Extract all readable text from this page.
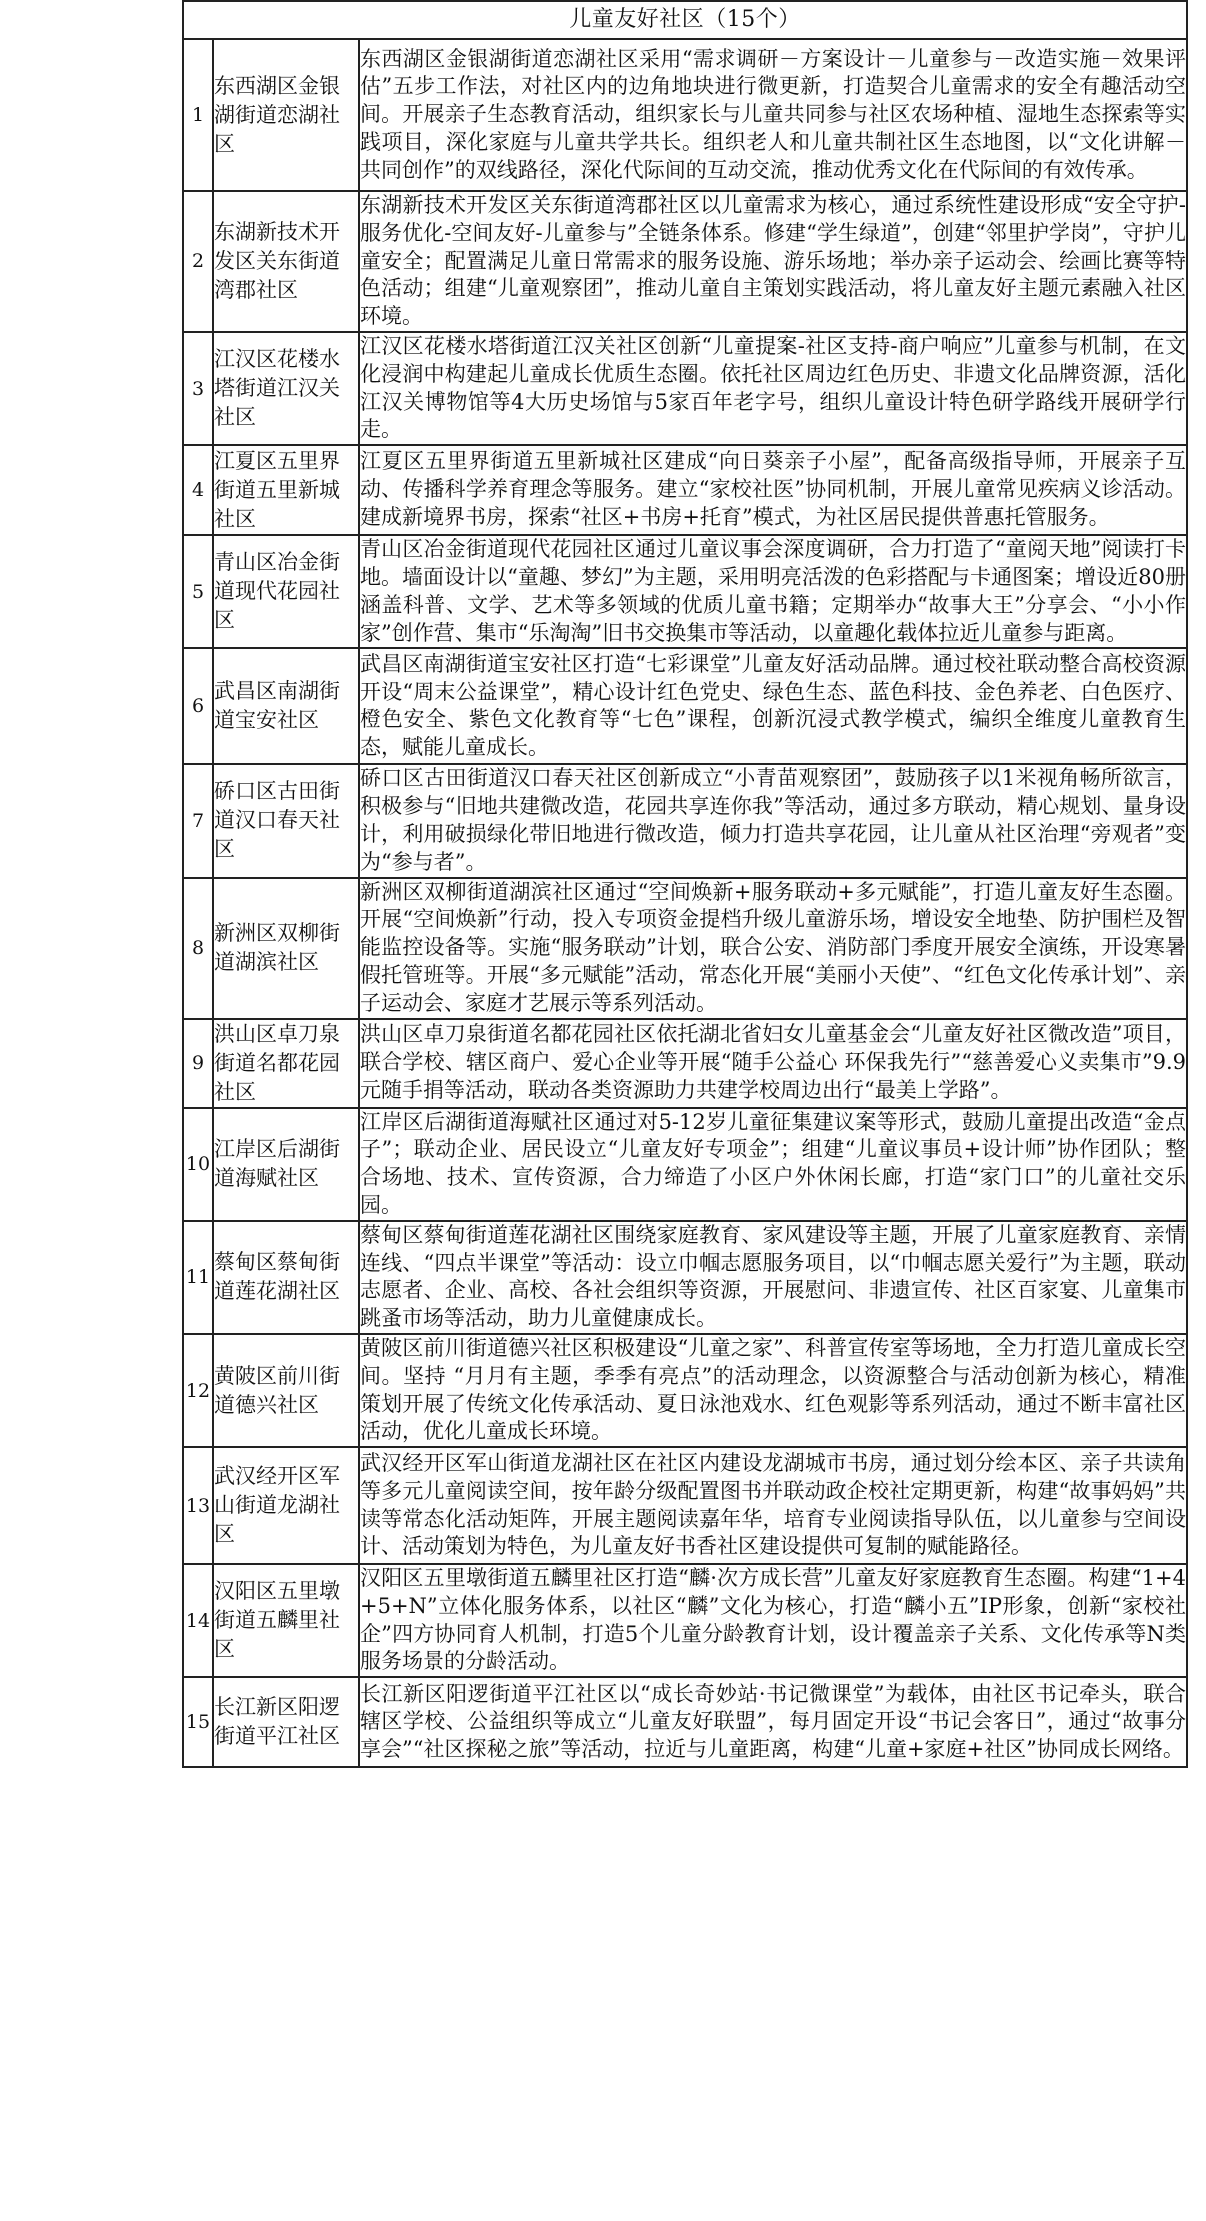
儿童友好社区（15个）		
1	东西湖区金银湖街道恋湖社区	东西湖区金银湖街道恋湖社区采用“需求调研－方案设计－儿童参与－改造实施－效果评估”五步工作法，对社区内的边角地块进行微更新，打造契合儿童需求的安全有趣活动空间。开展亲子生态教育活动，组织家长与儿童共同参与社区农场种植、湿地生态探索等实践项目，深化家庭与儿童共学共长。组织老人和儿童共制社区生态地图，以“文化讲解－共同创作”的双线路径，深化代际间的互动交流，推动优秀文化在代际间的有效传承。
2	东湖新技术开发区关东街道湾郡社区	东湖新技术开发区关东街道湾郡社区以儿童需求为核心，通过系统性建设形成“安全守护-服务优化-空间友好-儿童参与”全链条体系。修建“学生绿道”，创建“邻里护学岗”，守护儿童安全；配置满足儿童日常需求的服务设施、游乐场地；举办亲子运动会、绘画比赛等特色活动；组建“儿童观察团”，推动儿童自主策划实践活动，将儿童友好主题元素融入社区环境。
3	江汉区花楼水塔街道江汉关社区	江汉区花楼水塔街道江汉关社区创新“儿童提案-社区支持-商户响应”儿童参与机制，在文化浸润中构建起儿童成长优质生态圈。依托社区周边红色历史、非遗文化品牌资源，活化江汉关博物馆等4大历史场馆与5家百年老字号，组织儿童设计特色研学路线开展研学行走。
4	江夏区五里界街道五里新城社区	江夏区五里界街道五里新城社区建成“向日葵亲子小屋”，配备高级指导师，开展亲子互动、传播科学养育理念等服务。建立“家校社医”协同机制，开展儿童常见疾病义诊活动。建成新境界书房，探索“社区+书房+托育”模式，为社区居民提供普惠托管服务。
5	青山区冶金街道现代花园社区	青山区冶金街道现代花园社区通过儿童议事会深度调研，合力打造了“童阅天地”阅读打卡地。墙面设计以“童趣、梦幻”为主题，采用明亮活泼的色彩搭配与卡通图案；增设近80册涵盖科普、文学、艺术等多领域的优质儿童书籍；定期举办“故事大王”分享会、“小小作家”创作营、集市“乐淘淘”旧书交换集市等活动，以童趣化载体拉近儿童参与距离。
6	武昌区南湖街道宝安社区	武昌区南湖街道宝安社区打造“七彩课堂”儿童友好活动品牌。通过校社联动整合高校资源开设“周末公益课堂”，精心设计红色党史、绿色生态、蓝色科技、金色养老、白色医疗、橙色安全、紫色文化教育等“七色”课程，创新沉浸式教学模式，编织全维度儿童教育生态，赋能儿童成长。
7	硚口区古田街道汉口春天社区	硚口区古田街道汉口春天社区创新成立“小青苗观察团”，鼓励孩子以1米视角畅所欲言，积极参与“旧地共建微改造，花园共享连你我”等活动，通过多方联动，精心规划、量身设计，利用破损绿化带旧地进行微改造，倾力打造共享花园，让儿童从社区治理“旁观者”变为“参与者”。
8	新洲区双柳街道湖滨社区	新洲区双柳街道湖滨社区通过“空间焕新+服务联动+多元赋能”，打造儿童友好生态圈。开展“空间焕新”行动，投入专项资金提档升级儿童游乐场，增设安全地垫、防护围栏及智能监控设备等。实施“服务联动”计划，联合公安、消防部门季度开展安全演练，开设寒暑假托管班等。开展“多元赋能”活动，常态化开展“美丽小天使”、“红色文化传承计划”、亲子运动会、家庭才艺展示等系列活动。
9	洪山区卓刀泉街道名都花园社区	洪山区卓刀泉街道名都花园社区依托湖北省妇女儿童基金会“儿童友好社区微改造”项目，联合学校、辖区商户、爱心企业等开展“随手公益心 环保我先行”“慈善爱心义卖集市”9.9元随手捐等活动，联动各类资源助力共建学校周边出行“最美上学路”。
10	江岸区后湖街道海赋社区	江岸区后湖街道海赋社区通过对5-12岁儿童征集建议案等形式，鼓励儿童提出改造“金点子”；联动企业、居民设立“儿童友好专项金”；组建“儿童议事员+设计师”协作团队；整合场地、技术、宣传资源，合力缔造了小区户外休闲长廊，打造“家门口”的儿童社交乐园。
11	蔡甸区蔡甸街道莲花湖社区	蔡甸区蔡甸街道莲花湖社区围绕家庭教育、家风建设等主题，开展了儿童家庭教育、亲情连线、“四点半课堂”等活动：设立巾帼志愿服务项目，以“巾帼志愿关爱行”为主题，联动志愿者、企业、高校、各社会组织等资源，开展慰问、非遗宣传、社区百家宴、儿童集市跳蚤市场等活动，助力儿童健康成长。
12	黄陂区前川街道德兴社区	黄陂区前川街道德兴社区积极建设“儿童之家”、科普宣传室等场地，全力打造儿童成长空间。坚持 “月月有主题，季季有亮点”的活动理念，以资源整合与活动创新为核心，精准策划开展了传统文化传承活动、夏日泳池戏水、红色观影等系列活动，通过不断丰富社区活动，优化儿童成长环境。
13	武汉经开区军山街道龙湖社区	武汉经开区军山街道龙湖社区在社区内建设龙湖城市书房，通过划分绘本区、亲子共读角等多元儿童阅读空间，按年龄分级配置图书并联动政企校社定期更新，构建“故事妈妈”共读等常态化活动矩阵，开展主题阅读嘉年华，培育专业阅读指导队伍，以儿童参与空间设计、活动策划为特色，为儿童友好书香社区建设提供可复制的赋能路径。
14	汉阳区五里墩街道五麟里社区	汉阳区五里墩街道五麟里社区打造“麟·次方成长营”儿童友好家庭教育生态圈。构建“1+4+5+N”立体化服务体系，以社区“麟”文化为核心，打造“麟小五”IP形象，创新“家校社企”四方协同育人机制，打造5个儿童分龄教育计划，设计覆盖亲子关系、文化传承等N类服务场景的分龄活动。
15	长江新区阳逻街道平江社区	长江新区阳逻街道平江社区以“成长奇妙站·书记微课堂”为载体，由社区书记牵头，联合辖区学校、公益组织等成立“儿童友好联盟”，每月固定开设“书记会客日”，通过“故事分享会”“社区探秘之旅”等活动，拉近与儿童距离，构建“儿童+家庭+社区”协同成长网络。
